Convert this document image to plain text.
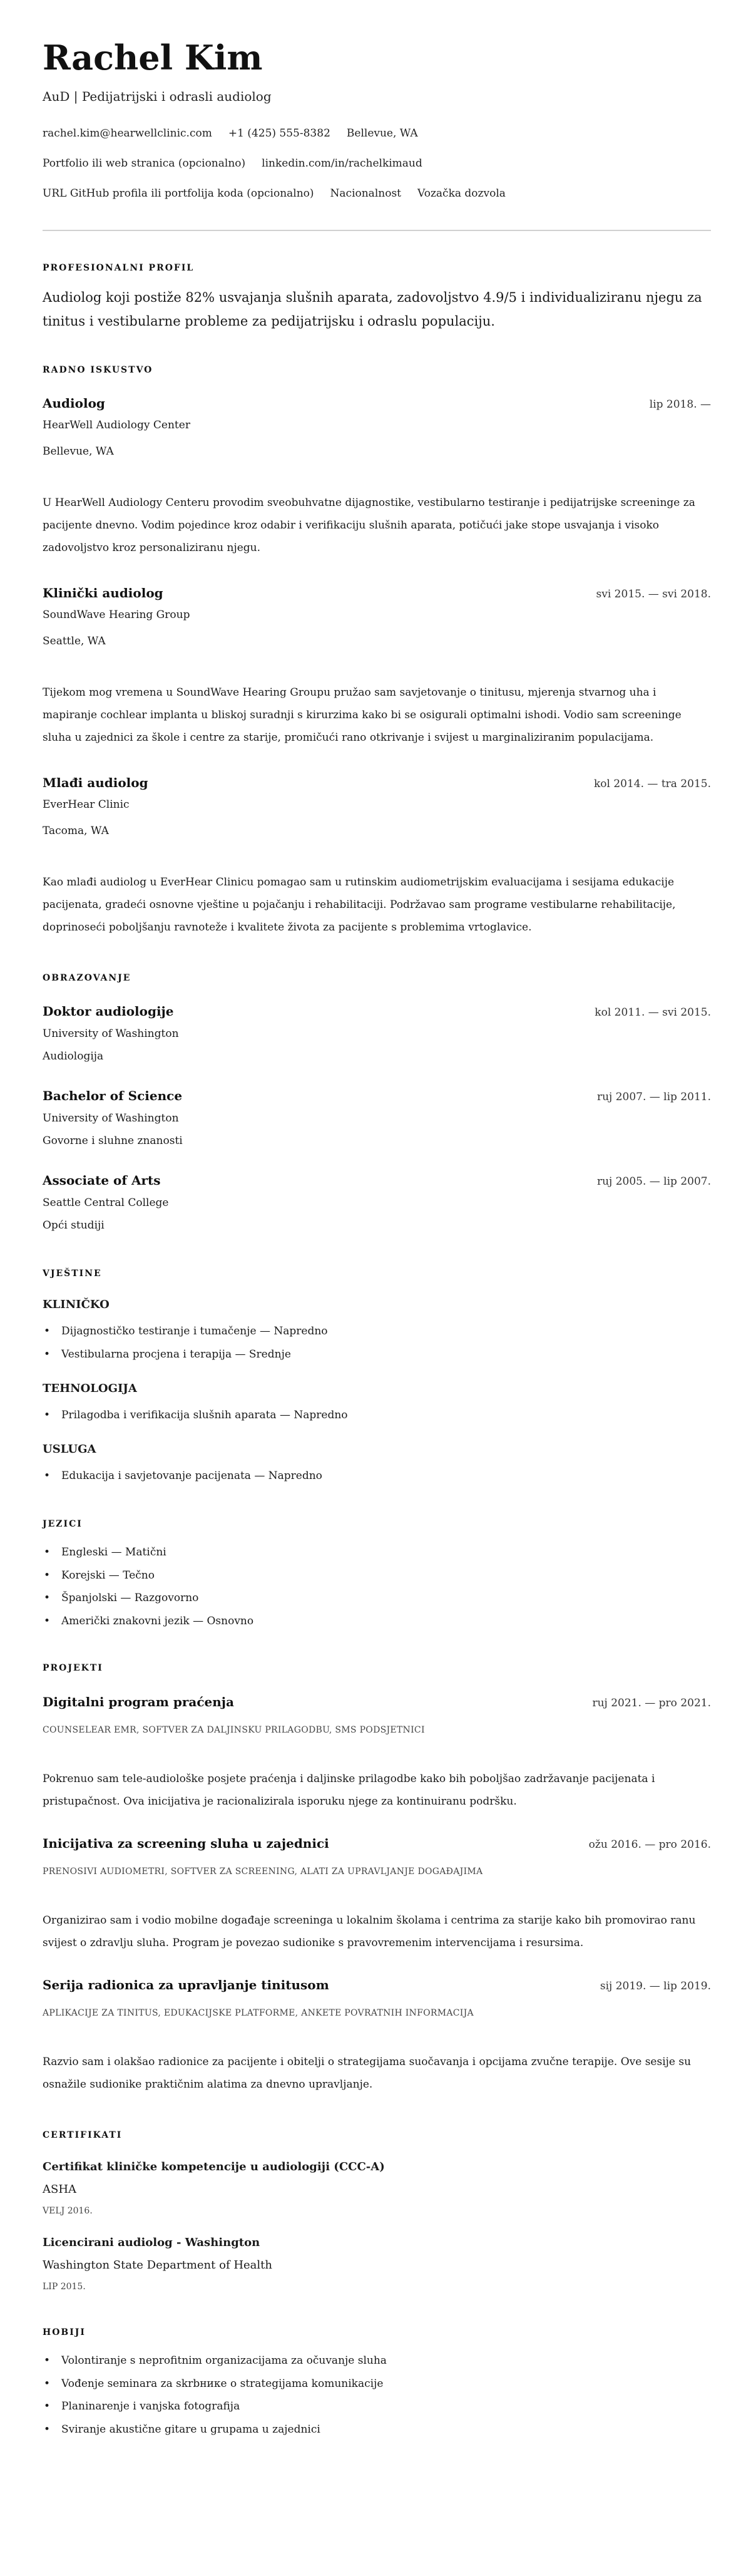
Rachel Kim
AuD | Pedijatrijski i odrasli audiolog
rachel.kim@hearwellclinic.com +1 (425) 555-8382 Bellevue, WA
Portfolio ili web stranica (opcionalno) linkedin.com/in/rachelkimaud
URL GitHub profila ili portfolija koda (opcionalno) Nacionalnost Vozačka dozvola
PROFESIONALNI PROFIL
Audiolog koji postiže 82% usvajanja slušnih aparata, zadovoljstvo 4.9/5 i individualiziranu njegu za tinitus i vestibularne probleme za pedijatrijsku i odraslu populaciju.
RADNO ISKUSTVO
Audiolog	lip 2018. —
HearWell Audiology Center
Bellevue, WA
U HearWell Audiology Centeru provodim sveobuhvatne dijagnostike, vestibularno testiranje i pedijatrijske screeninge za pacijente dnevno. Vodim pojedince kroz odabir i verifikaciju slušnih aparata, potičući jake stope usvajanja i visoko zadovoljstvo kroz personaliziranu njegu.
Klinički audiolog	svi 2015. — svi 2018.
SoundWave Hearing Group
Seattle, WA
Tijekom mog vremena u SoundWave Hearing Groupu pružao sam savjetovanje o tinitusu, mjerenja stvarnog uha i mapiranje cochlear implanta u bliskoj suradnji s kirurzima kako bi se osigurali optimalni ishodi. Vodio sam screeninge sluha u zajednici za škole i centre za starije, promičući rano otkrivanje i svijest u marginaliziranim populacijama.
Mlađi audiolog	kol 2014. — tra 2015.
EverHear Clinic
Tacoma, WA
Kao mlađi audiolog u EverHear Clinicu pomagao sam u rutinskim audiometrijskim evaluacijama i sesijama edukacije pacijenata, gradeći osnovne vještine u pojačanju i rehabilitaciji. Podržavao sam programe vestibularne rehabilitacije, doprinoseći poboljšanju ravnoteže i kvalitete života za pacijente s problemima vrtoglavice.
OBRAZOVANJE
Doktor audiologije	kol 2011. — svi 2015.
University of Washington
Audiologija
Bachelor of Science	ruj 2007. — lip 2011.
University of Washington
Govorne i sluhne znanosti
Associate of Arts	ruj 2005. — lip 2007.
Seattle Central College
Opći studiji
VJEŠTINE
KLINIČKO
• Dijagnostičko testiranje i tumačenje — Napredno
• Vestibularna procjena i terapija — Srednje
TEHNOLOGIJA
• Prilagodba i verifikacija slušnih aparata — Napredno
USLUGA
• Edukacija i savjetovanje pacijenata — Napredno
JEZICI
• Engleski — Matični
• Korejski — Tečno
• Španjolski — Razgovorno
• Američki znakovni jezik — Osnovno
PROJEKTI
Digitalni program praćenja	ruj 2021. — pro 2021.
COUNSELEAR EMR, SOFTVER ZA DALJINSKU PRILAGODBU, SMS PODSJETNICI
Pokrenuo sam tele-audiološke posjete praćenja i daljinske prilagodbe kako bih poboljšao zadržavanje pacijenata i pristupačnost. Ova inicijativa je racionalizirala isporuku njege za kontinuiranu podršku.
Inicijativa za screening sluha u zajednici	ožu 2016. — pro 2016.
PRENOSIVI AUDIOMETRI, SOFTVER ZA SCREENING, ALATI ZA UPRAVLJANJE DOGAĐAJIMA
Organizirao sam i vodio mobilne događaje screeninga u lokalnim školama i centrima za starije kako bih promovirao ranu svijest o zdravlju sluha. Program je povezao sudionike s pravovremenim intervencijama i resursima.
Serija radionica za upravljanje tinitusom	sij 2019. — lip 2019.
APLIKACIJE ZA TINITUS, EDUKACIJSKE PLATFORME, ANKETE POVRATNIH INFORMACIJA
Razvio sam i olakšao radionice za pacijente i obitelji o strategijama suočavanja i opcijama zvučne terapije. Ove sesije su osnažile sudionike praktičnim alatima za dnevno upravljanje.
CERTIFIKATI
Certifikat kliničke kompetencije u audiologiji (CCC-A)
ASHA
VELJ 2016.
Licencirani audiolog - Washington
Washington State Department of Health
LIP 2015.
HOBIJI
• Volontiranje s neprofitnim organizacijama za očuvanje sluha
• Vođenje seminara za skrbнике o strategijama komunikacije
• Planinarenje i vanjska fotografija
• Sviranje akustične gitare u grupama u zajednici
